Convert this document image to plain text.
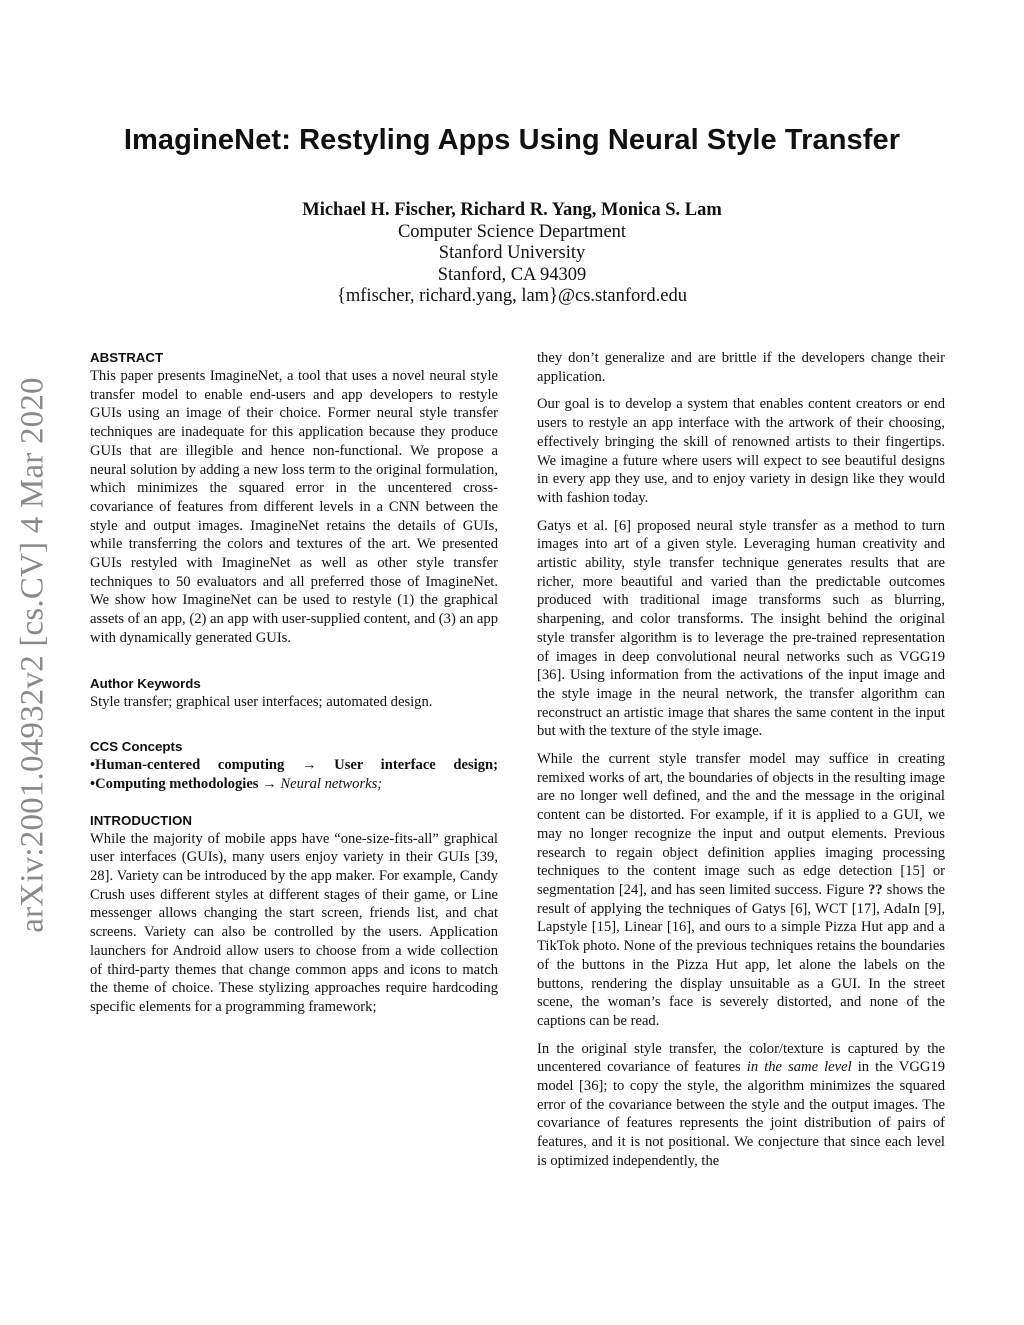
ImagineNet: Restyling Apps Using Neural Style Transfer
Michael H. Fischer, Richard R. Yang, Monica S. Lam
Computer Science Department
Stanford University
Stanford, CA 94309
{mfischer, richard.yang, lam}@cs.stanford.edu
arXiv:2001.04932v2 [cs.CV] 4 Mar 2020
ABSTRACT

This paper presents ImagineNet, a tool that uses a novel neural style transfer model to enable end-users and app developers to restyle GUIs using an image of their choice. Former neural style transfer techniques are inadequate for this application because they produce GUIs that are illegible and hence non-functional. We propose a neural solution by adding a new loss term to the original formulation, which minimizes the squared error in the uncentered cross-covariance of features from different levels in a CNN between the style and output images. ImagineNet retains the details of GUIs, while transferring the colors and textures of the art. We presented GUIs restyled with ImagineNet as well as other style transfer techniques to 50 evaluators and all preferred those of ImagineNet. We show how ImagineNet can be used to restyle (1) the graphical assets of an app, (2) an app with user-supplied content, and (3) an app with dynamically generated GUIs.

Author Keywords

Style transfer; graphical user interfaces; automated design.

CCS Concepts
•Human-centered computing → User interface design;
•Computing methodologies → Neural networks;
INTRODUCTION

While the majority of mobile apps have “one-size-fits-all” graphical user interfaces (GUIs), many users enjoy variety in their GUIs [39, 28]. Variety can be introduced by the app maker. For example, Candy Crush uses different styles at different stages of their game, or Line messenger allows changing the start screen, friends list, and chat screens. Variety can also be controlled by the users. Application launchers for Android allow users to choose from a wide collection of third-party themes that change common apps and icons to match the theme of choice. These stylizing approaches require hardcoding specific elements for a programming framework;

they don’t generalize and are brittle if the developers change their application.

Our goal is to develop a system that enables content creators or end users to restyle an app interface with the artwork of their choosing, effectively bringing the skill of renowned artists to their fingertips. We imagine a future where users will expect to see beautiful designs in every app they use, and to enjoy variety in design like they would with fashion today.

Gatys et al. [6] proposed neural style transfer as a method to turn images into art of a given style. Leveraging human creativity and artistic ability, style transfer technique generates results that are richer, more beautiful and varied than the predictable outcomes produced with traditional image transforms such as blurring, sharpening, and color transforms. The insight behind the original style transfer algorithm is to leverage the pre-trained representation of images in deep convolutional neural networks such as VGG19 [36]. Using information from the activations of the input image and the style image in the neural network, the transfer algorithm can reconstruct an artistic image that shares the same content in the input but with the texture of the style image.

While the current style transfer model may suffice in creating remixed works of art, the boundaries of objects in the resulting image are no longer well defined, and the and the message in the original content can be distorted. For example, if it is applied to a GUI, we may no longer recognize the input and output elements. Previous research to regain object definition applies imaging processing techniques to the content image such as edge detection [15] or segmentation [24], and has seen limited success. Figure ?? shows the result of applying the techniques of Gatys [6], WCT [17], AdaIn [9], Lapstyle [15], Linear [16], and ours to a simple Pizza Hut app and a TikTok photo. None of the previous techniques retains the boundaries of the buttons in the Pizza Hut app, let alone the labels on the buttons, rendering the display unsuitable as a GUI. In the street scene, the woman’s face is severely distorted, and none of the captions can be read.

In the original style transfer, the color/texture is captured by the uncentered covariance of features in the same level in the VGG19 model [36]; to copy the style, the algorithm minimizes the squared error of the covariance between the style and the output images. The covariance of features represents the joint distribution of pairs of features, and it is not positional. We conjecture that since each level is optimized independently, the
